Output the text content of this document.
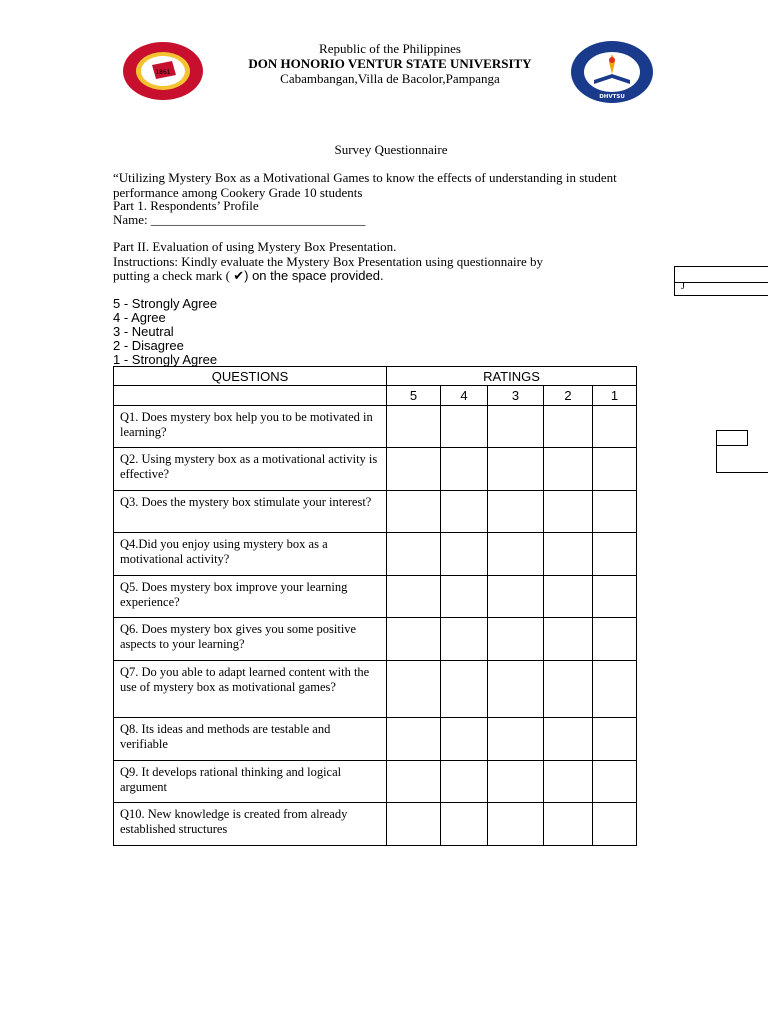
1861
DHVTSU
Republic of the Philippines
DON HONORIO VENTUR STATE UNIVERSITY
Cabambangan,Villa de Bacolor,Pampanga
Survey Questionnaire
“Utilizing Mystery Box as a Motivational Games to know the effects of understanding in student performance among Cookery Grade 10 students
Part 1. Respondents’ Profile
Name: _________________________________
Part II. Evaluation of using Mystery Box Presentation.
Instructions: Kindly evaluate the Mystery Box Presentation using questionnaire by
putting a check mark ( ✔) on the space provided.
5 - Strongly Agree
4 - Agree
3 - Neutral
2 - Disagree
1 - Strongly Agree
QUESTIONS	RATINGS				
	5	4	3	2	1
Q1. Does mystery box help you to be motivated in learning?					
Q2. Using mystery box as a motivational activity is effective?					
Q3. Does the mystery box stimulate your interest?					
Q4.Did you enjoy using mystery box as a motivational activity?					
Q5. Does mystery box improve your learning experience?					
Q6. Does mystery box gives you some positive aspects to your learning?					
Q7. Do you able to adapt learned content with the use of mystery box as motivational games?					
Q8. Its ideas and methods are testable and verifiable					
Q9. It develops rational thinking and logical argument					
Q10. New knowledge is created from already established structures					
J
